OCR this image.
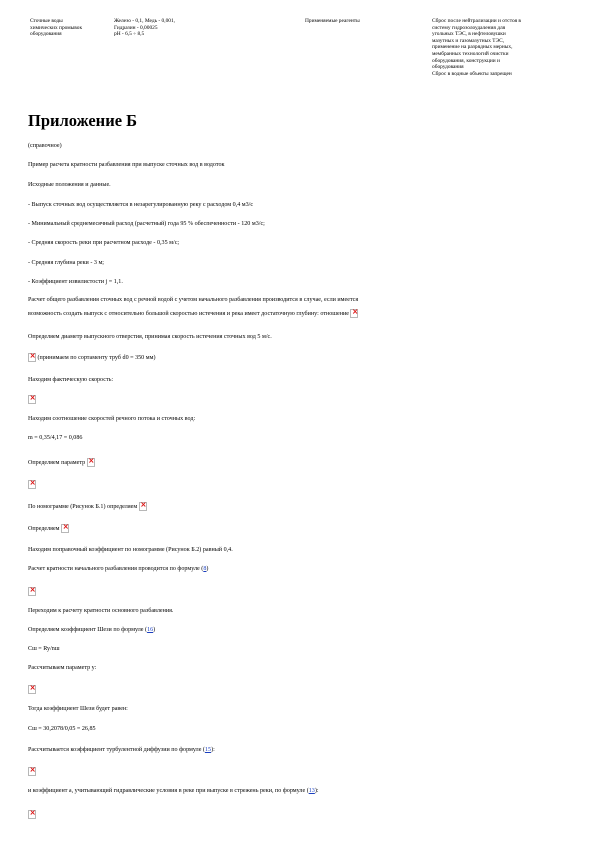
Сточные воды
химических промывок
оборудования
Железо - 0,1, Медь - 0,001,
Гидразин - 0,00025
pH - 6,5 ÷ 8,5
Применяемые реагенты	Сброс после нейтрализации и отстоя в
систему гидрозолоудаления для
угольных ТЭС, в нефтеловушки
мазутных и газомазутных ТЭС,
применение на разрядных мерных,
мембранных технологий очистки
оборудования, конструкции и
оборудования
Сброс в водные объекты запрещен
Приложение Б
(справочное)
Пример расчета кратности разбавления при выпуске сточных вод в водоток
Исходные положения и данные.
- Выпуск сточных вод осуществляется в незарегулированную реку с расходом 0,4 м3/с
- Минимальный среднемесячный расход (расчетный) года 95 % обеспеченности - 120 м3/с;
- Средняя скорость реки при расчетном расходе - 0,35 м/с;
- Средняя глубина реки - 3 м;
- Коэффициент извилистости j = 1,1.
Расчет общего разбавления сточных вод с речной водой с учетом начального разбавления производится в случае, если имеется
возможность создать выпуск с относительно большой скоростью истечения и река имеет достаточную глубину: отношение ×
Определяем диаметр выпускного отверстия, принимая скорость истечения сточных вод 5 м/с.
× (принимаем по сортаменту труб d0 = 350 мм)
Находим фактическую скорость:
×
Находим соотношение скоростей речного потока и сточных вод:
m = 0,35/4,17 = 0,086
Определяем параметр ×
×
По номограмме (Рисунок Б.1) определяем ×
Определяем ×
Находим поправочный коэффициент по номограмме (Рисунок Б.2) равный 0,4.
Расчет кратности начального разбавления проводится по формуле (8)
×
Переходим к расчету кратности основного разбавления.
Определяем коэффициент Шези по формуле (16)
Cш = Ry/nш
Рассчитываем параметр y:
×
Тогда коэффициент Шези будет равен:
Cш = 30,2078/0,05 = 26,85
Рассчитывается коэффициент турбулентной диффузии по формуле (15):
×
и коэффициент a, учитывающий гидравлические условия в реке при выпуске в стрежень реки, по формуле (13):
×
